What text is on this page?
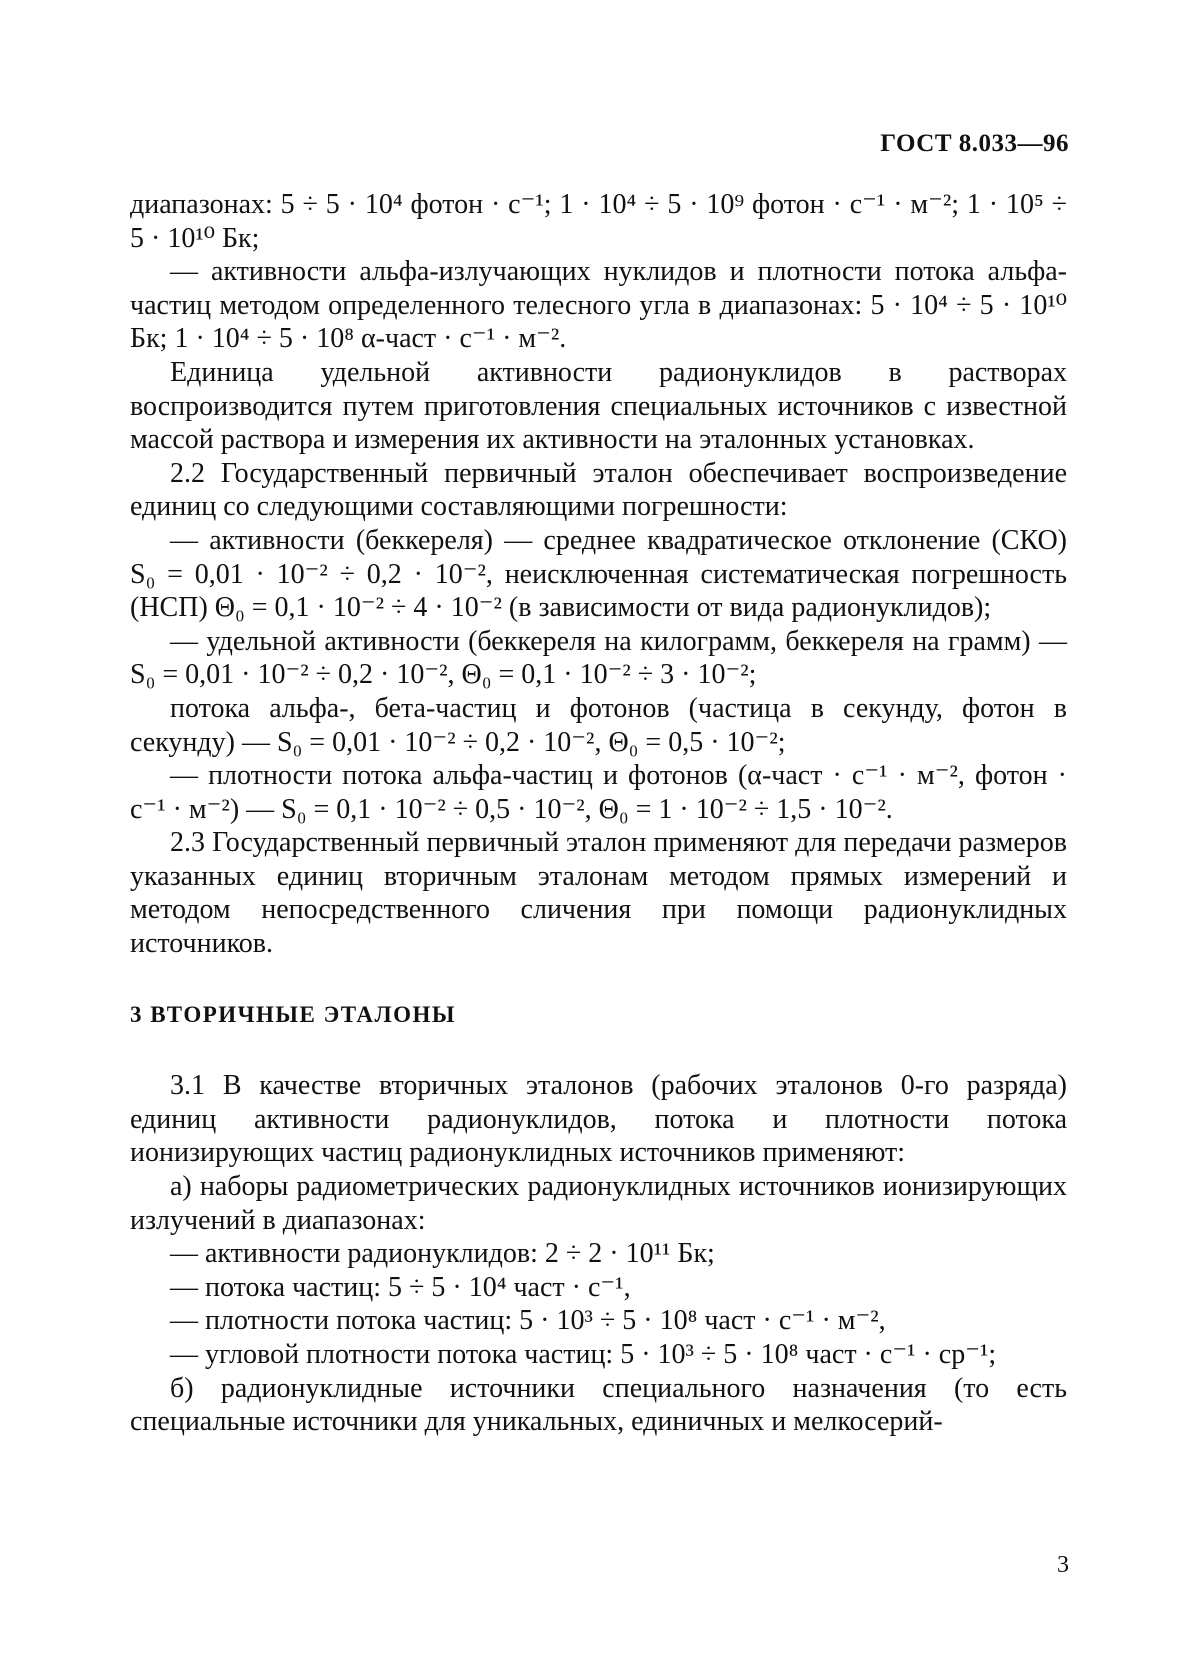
ГОСТ 8.033—96

диапазонах: 5 ÷ 5 · 10⁴ фотон · с⁻¹; 1 · 10⁴ ÷ 5 · 10⁹ фотон · с⁻¹ · м⁻²; 1 · 10⁵ ÷ 5 · 10¹⁰ Бк;

— активности альфа-излучающих нуклидов и плотности потока альфа-частиц методом определенного телесного угла в диапазонах: 5 · 10⁴ ÷ 5 · 10¹⁰ Бк; 1 · 10⁴ ÷ 5 · 10⁸ α-част · с⁻¹ · м⁻².

Единица удельной активности радионуклидов в растворах воспроизводится путем приготовления специальных источников с известной массой раствора и измерения их активности на эталонных установках.

2.2 Государственный первичный эталон обеспечивает воспроизведение единиц со следующими составляющими погрешности:

— активности (беккереля) — среднее квадратическое отклонение (СКО) S₀ = 0,01 · 10⁻² ÷ 0,2 · 10⁻², неисключенная систематическая погрешность (НСП) Θ₀ = 0,1 · 10⁻² ÷ 4 · 10⁻² (в зависимости от вида радионуклидов);

— удельной активности (беккереля на килограмм, беккереля на грамм) — S₀ = 0,01 · 10⁻² ÷ 0,2 · 10⁻², Θ₀ = 0,1 · 10⁻² ÷ 3 · 10⁻²;

потока альфа-, бета-частиц и фотонов (частица в секунду, фотон в секунду) — S₀ = 0,01 · 10⁻² ÷ 0,2 · 10⁻², Θ₀ = 0,5 · 10⁻²;

— плотности потока альфа-частиц и фотонов (α-част · с⁻¹ · м⁻², фотон · с⁻¹ · м⁻²) — S₀ = 0,1 · 10⁻² ÷ 0,5 · 10⁻², Θ₀ = 1 · 10⁻² ÷ 1,5 · 10⁻².

2.3 Государственный первичный эталон применяют для передачи размеров указанных единиц вторичным эталонам методом прямых измерений и методом непосредственного сличения при помощи радионуклидных источников.

3 ВТОРИЧНЫЕ ЭТАЛОНЫ

3.1 В качестве вторичных эталонов (рабочих эталонов 0-го разряда) единиц активности радионуклидов, потока и плотности потока ионизирующих частиц радионуклидных источников применяют:

а) наборы радиометрических радионуклидных источников ионизирующих излучений в диапазонах:

— активности радионуклидов: 2 ÷ 2 · 10¹¹ Бк;

— потока частиц: 5 ÷ 5 · 10⁴ част · с⁻¹,

— плотности потока частиц: 5 · 10³ ÷ 5 · 10⁸ част · с⁻¹ · м⁻²,

— угловой плотности потока частиц: 5 · 10³ ÷ 5 · 10⁸ част · с⁻¹ · ср⁻¹;

б) радионуклидные источники специального назначения (то есть специальные источники для уникальных, единичных и мелкосерий-

3
